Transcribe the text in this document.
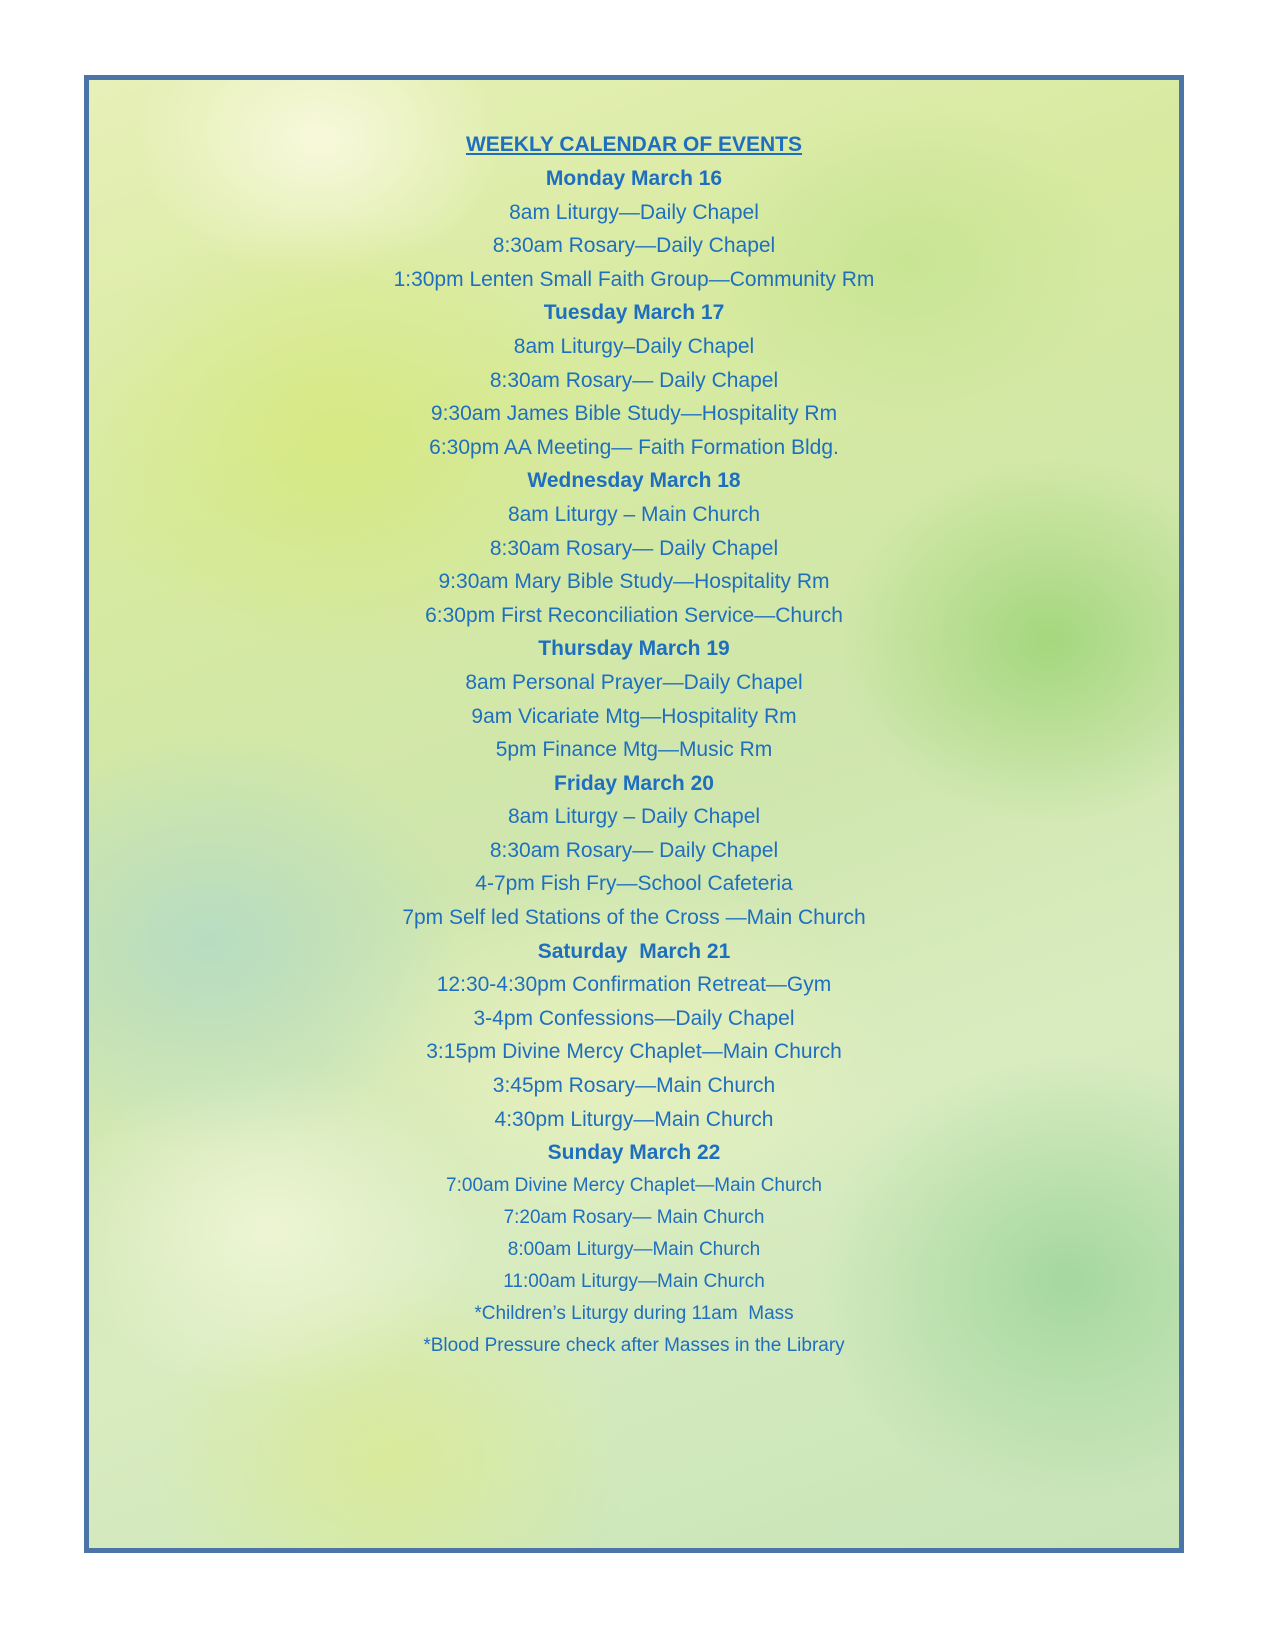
WEEKLY CALENDAR OF EVENTS
Monday March 16
8am Liturgy—Daily Chapel
8:30am Rosary—Daily Chapel
1:30pm Lenten Small Faith Group—Community Rm
Tuesday March 17
8am Liturgy–Daily Chapel
8:30am Rosary— Daily Chapel
9:30am James Bible Study—Hospitality Rm
6:30pm AA Meeting— Faith Formation Bldg.
Wednesday March 18
8am Liturgy – Main Church
8:30am Rosary— Daily Chapel
9:30am Mary Bible Study—Hospitality Rm
6:30pm First Reconciliation Service—Church
Thursday March 19
8am Personal Prayer—Daily Chapel
9am Vicariate Mtg—Hospitality Rm
5pm Finance Mtg—Music Rm
Friday March 20
8am Liturgy – Daily Chapel
8:30am Rosary— Daily Chapel
4-7pm Fish Fry—School Cafeteria
7pm Self led Stations of the Cross —Main Church
Saturday  March 21
12:30-4:30pm Confirmation Retreat—Gym
3-4pm Confessions—Daily Chapel
3:15pm Divine Mercy Chaplet—Main Church
3:45pm Rosary—Main Church
4:30pm Liturgy—Main Church
Sunday March 22
7:00am Divine Mercy Chaplet—Main Church
7:20am Rosary— Main Church
8:00am Liturgy—Main Church
11:00am Liturgy—Main Church
*Children’s Liturgy during 11am  Mass
*Blood Pressure check after Masses in the Library
